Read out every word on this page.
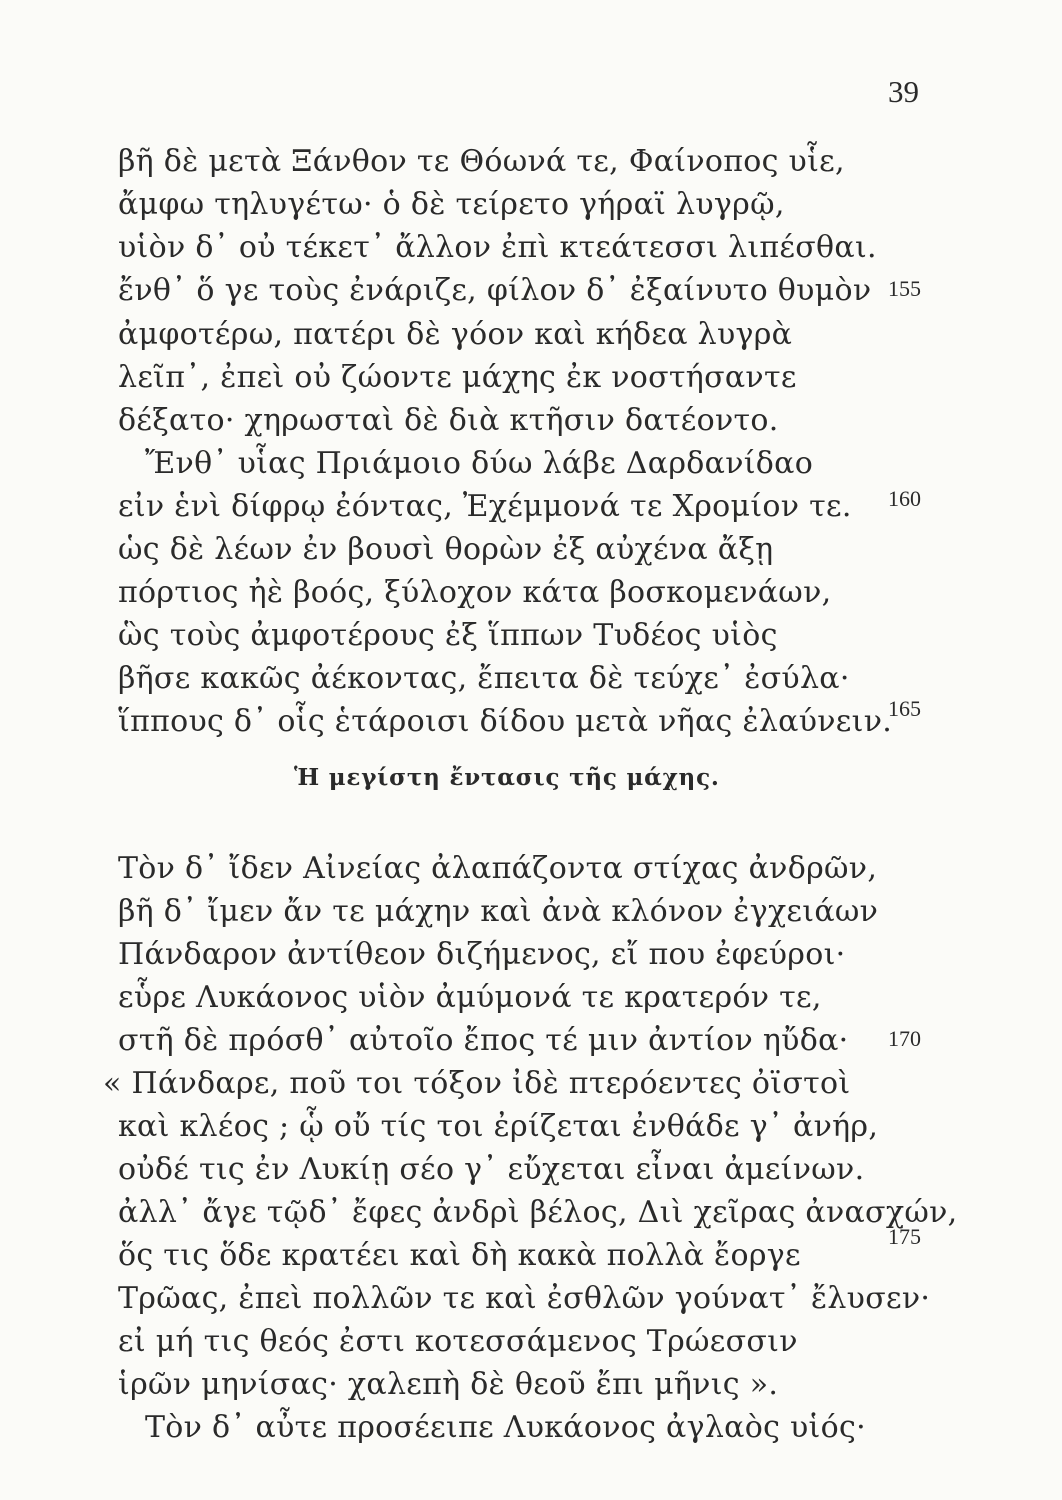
39
βῆ δὲ μετὰ Ξάνθον τε Θόωνά τε, Φαίνοπος υἷε,
ἄμφω τηλυγέτω· ὁ δὲ τείρετο γήραϊ λυγρῷ,
υἱὸν δ᾽ οὐ τέκετ᾽ ἄλλον ἐπὶ κτεάτεσσι λιπέσθαι.
ἔνθ᾽ ὅ γε τοὺς ἐνάριζε, φίλον δ᾽ ἐξαίνυτο θυμὸν
ἀμφοτέρω, πατέρι δὲ γόον καὶ κήδεα λυγρὰ
λεῖπ᾽, ἐπεὶ οὐ ζώοντε μάχης ἐκ νοστήσαντε
δέξατο· χηρωσταὶ δὲ διὰ κτῆσιν δατέοντο.
Ἔνθ᾽ υἷας Πριάμοιο δύω λάβε Δαρδανίδαο
εἰν ἑνὶ δίφρῳ ἐόντας, Ἐχέμμονά τε Χρομίον τε.
ὡς δὲ λέων ἐν βουσὶ θορὼν ἐξ αὐχένα ἄξῃ
πόρτιος ἠὲ βοός, ξύλοχον κάτα βοσκομενάων,
ὣς τοὺς ἀμφοτέρους ἐξ ἵππων Τυδέος υἱὸς
βῆσε κακῶς ἀέκοντας, ἔπειτα δὲ τεύχε᾽ ἐσύλα·
ἵππους δ᾽ οἷς ἑτάροισι δίδου μετὰ νῆας ἐλαύνειν.
155
160
165
Ἡ μεγίστη ἔντασις τῆς μάχης.
Τὸν δ᾽ ἴδεν Αἰνείας ἀλαπάζοντα στίχας ἀνδρῶν,
βῆ δ᾽ ἴμεν ἄν τε μάχην καὶ ἀνὰ κλόνον ἐγχειάων
Πάνδαρον ἀντίθεον διζήμενος, εἴ που ἐφεύροι·
εὗρε Λυκάονος υἱὸν ἀμύμονά τε κρατερόν τε,
στῆ δὲ πρόσθ᾽ αὐτοῖο ἔπος τέ μιν ἀντίον ηὔδα·
« Πάνδαρε, ποῦ τοι τόξον ἰδὲ πτερόεντες ὀϊστοὶ
καὶ κλέος ; ᾧ οὔ τίς τοι ἐρίζεται ἐνθάδε γ᾽ ἀνήρ,
οὐδέ τις ἐν Λυκίῃ σέο γ᾽ εὔχεται εἶναι ἀμείνων.
ἀλλ᾽ ἄγε τῷδ᾽ ἔφες ἀνδρὶ βέλος, Διὶ χεῖρας ἀνασχών,
ὅς τις ὅδε κρατέει καὶ δὴ κακὰ πολλὰ ἔοργε
Τρῶας, ἐπεὶ πολλῶν τε καὶ ἐσθλῶν γούνατ᾽ ἔλυσεν·
εἰ μή τις θεός ἐστι κοτεσσάμενος Τρώεσσιν
ἱρῶν μηνίσας· χαλεπὴ δὲ θεοῦ ἔπι μῆνις ».
Τὸν δ᾽ αὖτε προσέειπε Λυκάονος ἀγλαὸς υἱός·
170
175
